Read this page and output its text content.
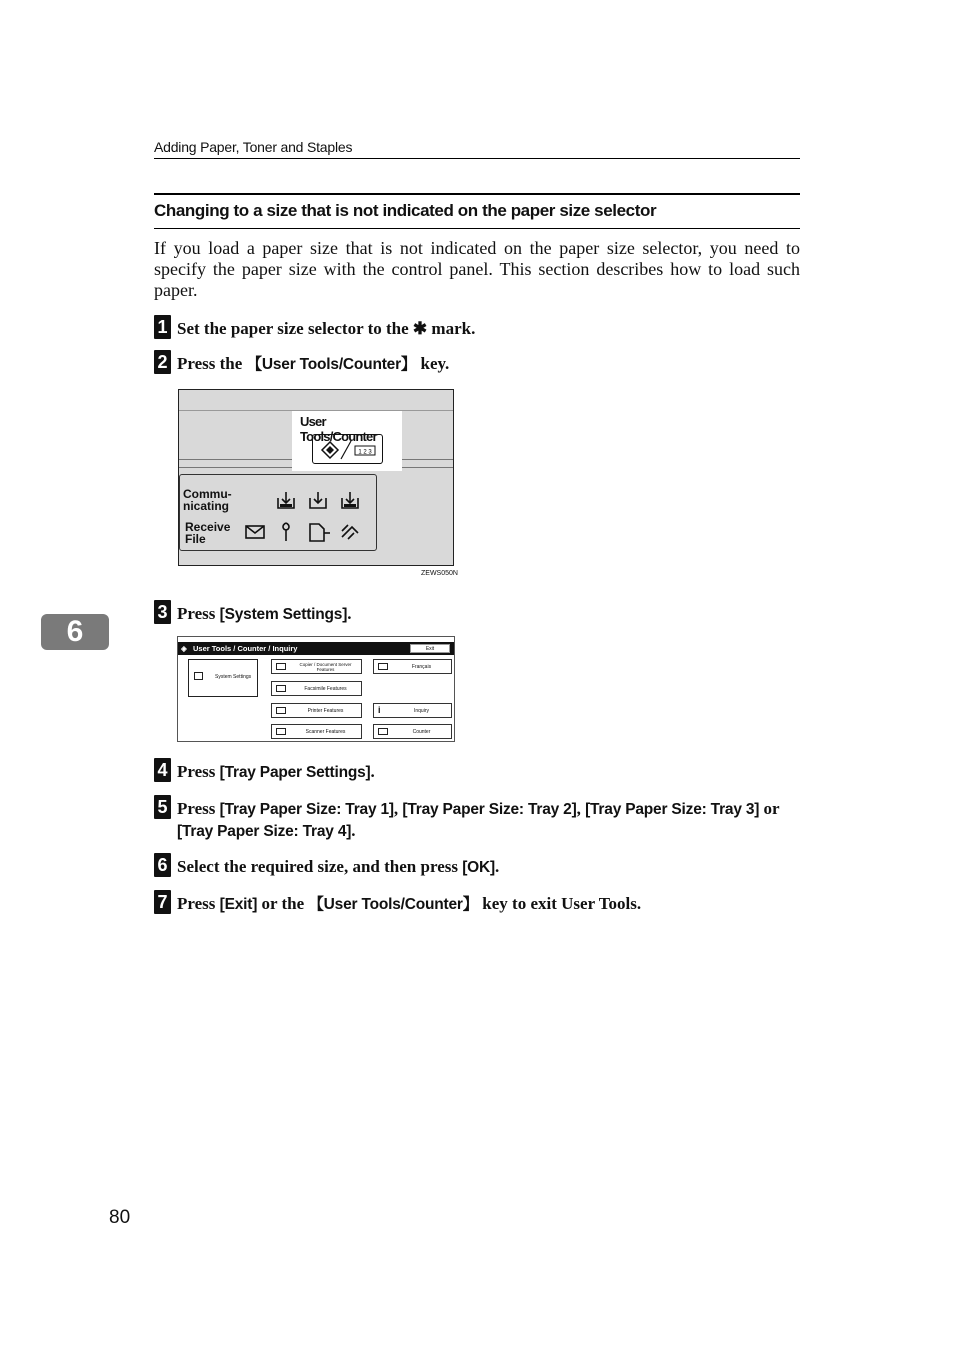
Adding Paper, Toner and Staples
Changing to a size that is not indicated on the paper size selector
If you load a paper size that is not indicated on the paper size selector, you need to specify the paper size with the control panel. This section describes how to load such paper.
1 Set the paper size selector to the ✱ mark.
2 Press the 【User Tools/Counter】 key.
User Tools/Counter
1 2 3
Commu-
nicating
Receive
File
ZEWS050N
3 Press [System Settings].
◈ User Tools / Counter / Inquiry	Exit
System Settings
Copier / Document Server Features	Français
Facsimile Features
Printer Features	i	Inquiry
Scanner Features	Counter
6
4 Press [Tray Paper Settings].
5 Press [Tray Paper Size: Tray 1], [Tray Paper Size: Tray 2], [Tray Paper Size: Tray 3] or [Tray Paper Size: Tray 4].
6 Select the required size, and then press [OK].
7 Press [Exit] or the 【User Tools/Counter】 key to exit User Tools.
80
